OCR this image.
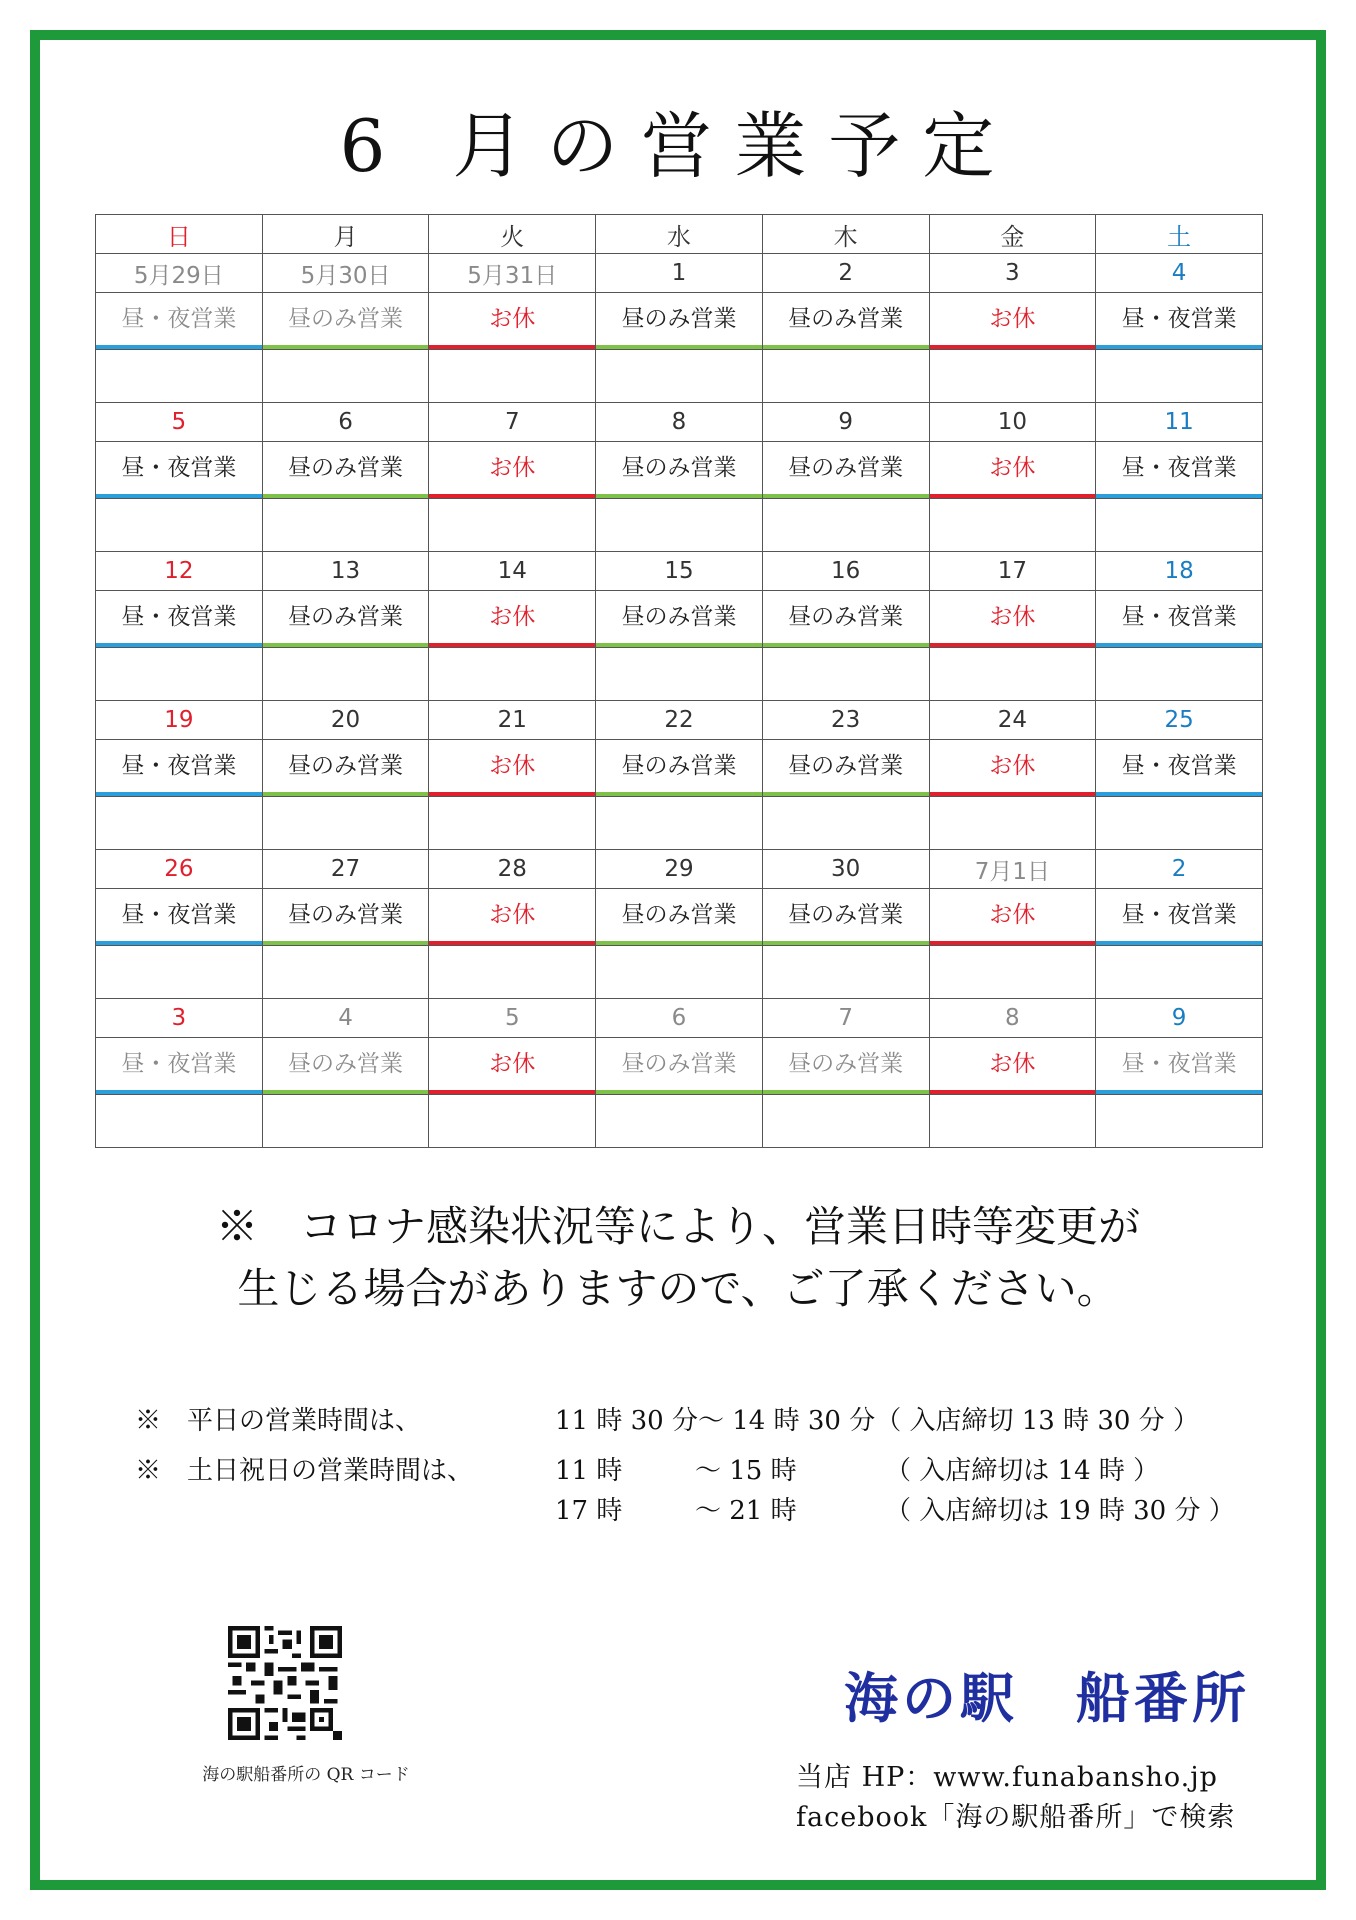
6 月の営業予定
日	月	火	水	木	金	土
5月29日	5月30日	5月31日	1	2	3	4

昼・夜営業	昼のみ営業	お休	昼のみ営業	昼のみ営業	お休	昼・夜営業

5	6	7	8	9	10	11

昼・夜営業	昼のみ営業	お休	昼のみ営業	昼のみ営業	お休	昼・夜営業

12	13	14	15	16	17	18

昼・夜営業	昼のみ営業	お休	昼のみ営業	昼のみ営業	お休	昼・夜営業

19	20	21	22	23	24	25

昼・夜営業	昼のみ営業	お休	昼のみ営業	昼のみ営業	お休	昼・夜営業

26	27	28	29	30	7月1日	2

昼・夜営業	昼のみ営業	お休	昼のみ営業	昼のみ営業	お休	昼・夜営業

3	4	5	6	7	8	9

昼・夜営業	昼のみ営業	お休	昼のみ営業	昼のみ営業	お休	昼・夜営業

※　コロナ感染状況等により、営業日時等変更が
生じる場合がありますので、ご了承ください。
※　平日の営業時間は、	11 時 30 分〜 14 時 30 分（ 入店締切 13 時 30 分 ）
※　土日祝日の営業時間は、	11 時	〜 15 時	（ 入店締切は 14 時 ）
17 時	〜 21 時	（ 入店締切は 19 時 30 分 ）
海の駅船番所の QR コード
海の駅　船番所
当店 HP：www.funabansho.jp
facebook「海の駅船番所」で検索
